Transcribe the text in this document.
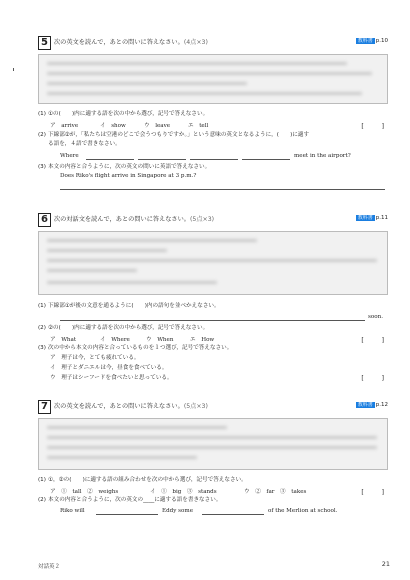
5 次の英文を読んで，あとの問いに答えなさい。(4点×3)	教科書 p.10
(1) ①の(　　)内に適する語を次の中から選び，記号で答えなさい。
ア　arrive	イ　show	ウ　leave	エ　tell	[　　　]
(2) 下線部②が，「私たちは空港のどこで会うつもりですか。」という意味の英文となるように，(　　)に適す
る語を，４語で書きなさい。
Where	meet in the airport?
(3) 本文の内容と合うように，次の英文の問いに英語で答えなさい。
Does Riko's flight arrive in Singapore at 3 p.m.?
6 次の対話文を読んで，あとの問いに答えなさい。(5点×3)	教科書 p.11
(1) 下線部①が後の文意を通るように(　　)内の語句を並べかえなさい。
soon.
(2) ②の(　　)内に適する語を次の中から選び，記号で答えなさい。
ア　What	イ　Where	ウ　When	エ　How	[　　　]
(3) 次の中から本文の内容と合っているものを１つ選び，記号で答えなさい。
ア　理子は今，とても疲れている。
イ　理子とダニエルは今，昼食を食べている。
ウ　理子はシーフードを食べたいと思っている。	[　　　]
7 次の英文を読んで，あとの問いに答えなさい。(5点×3)	教科書 p.12
(1) ①，②の(　　)に適する語の組み合わせを次の中から選び，記号で答えなさい。
ア　①　tall　②　weighs	イ　①　big　③　stands	ウ　②　far　③　takes	[　　　]
(2) 本文の内容と合うように，次の英文の____に適する語を書きなさい。
Riko will	Eddy some	of the Merlion at school.
対話英２	21
